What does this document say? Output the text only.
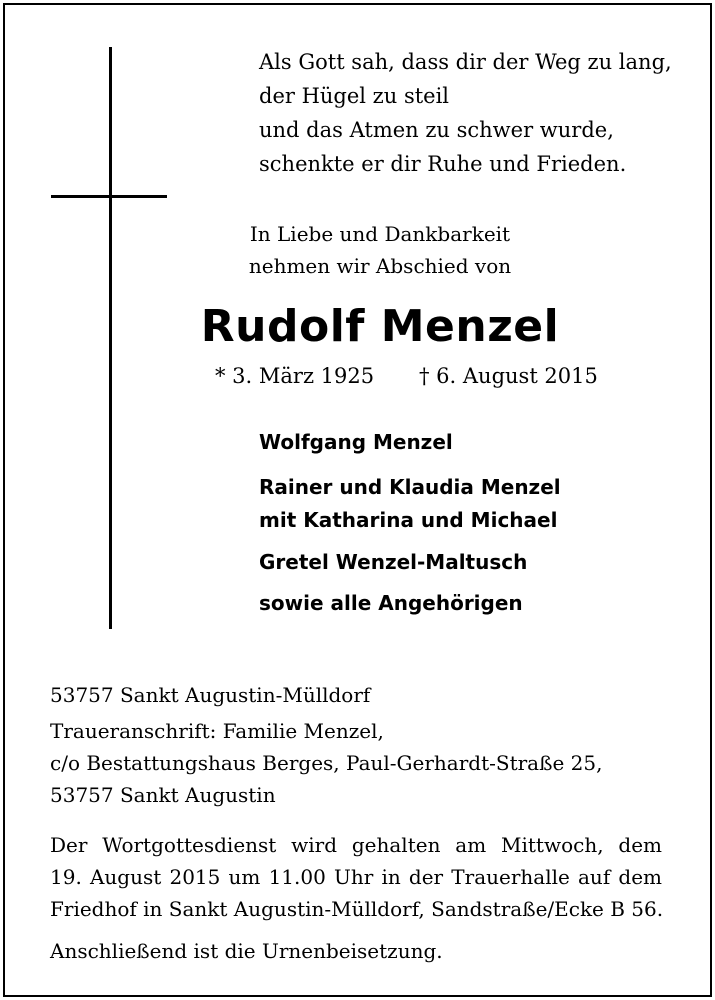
Als Gott sah, dass dir der Weg zu lang,
der Hügel zu steil
und das Atmen zu schwer wurde,
schenkte er dir Ruhe und Frieden.
In Liebe und Dankbarkeit
nehmen wir Abschied von
Rudolf Menzel
* 3. März 1925 † 6. August 2015
Wolfgang Menzel
Rainer und Klaudia Menzel
mit Katharina und Michael
Gretel Wenzel-Maltusch
sowie alle Angehörigen
53757 Sankt Augustin-Mülldorf
Traueranschrift: Familie Menzel,
c/o Bestattungshaus Berges, Paul-Gerhardt-Straße 25,
53757 Sankt Augustin
Der Wortgottesdienst wird gehalten am Mittwoch, dem
19. August 2015 um 11.00 Uhr in der Trauerhalle auf dem
Friedhof in Sankt Augustin-Mülldorf, Sandstraße/Ecke B 56.
Anschließend ist die Urnenbeisetzung.
